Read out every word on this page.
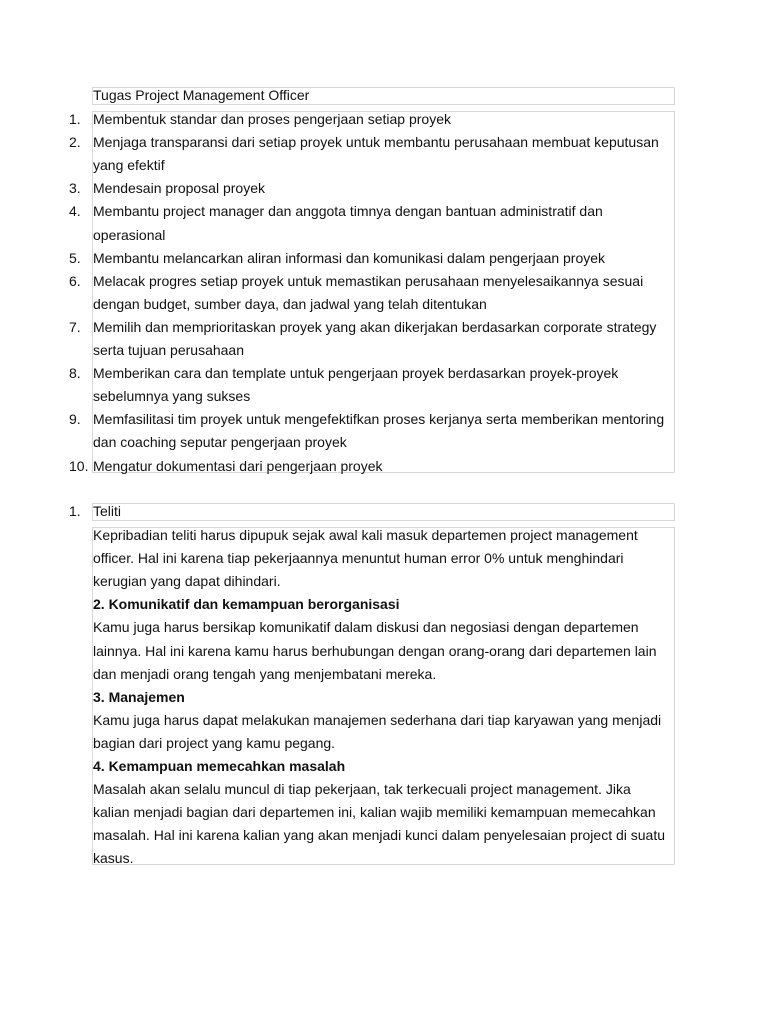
Tugas Project Management Officer
1. Membentuk standar dan proses pengerjaan setiap proyek
2. Menjaga transparansi dari setiap proyek untuk membantu perusahaan membuat keputusan
yang efektif
3. Mendesain proposal proyek
4. Membantu project manager dan anggota timnya dengan bantuan administratif dan
operasional
5. Membantu melancarkan aliran informasi dan komunikasi dalam pengerjaan proyek
6. Melacak progres setiap proyek untuk memastikan perusahaan menyelesaikannya sesuai
dengan budget, sumber daya, dan jadwal yang telah ditentukan
7. Memilih dan memprioritaskan proyek yang akan dikerjakan berdasarkan corporate strategy
serta tujuan perusahaan
8. Memberikan cara dan template untuk pengerjaan proyek berdasarkan proyek-proyek
sebelumnya yang sukses
9. Memfasilitasi tim proyek untuk mengefektifkan proses kerjanya serta memberikan mentoring
dan coaching seputar pengerjaan proyek
10. Mengatur dokumentasi dari pengerjaan proyek
1. Teliti
Kepribadian teliti harus dipupuk sejak awal kali masuk departemen project management
officer. Hal ini karena tiap pekerjaannya menuntut human error 0% untuk menghindari
kerugian yang dapat dihindari.
2. Komunikatif dan kemampuan berorganisasi
Kamu juga harus bersikap komunikatif dalam diskusi dan negosiasi dengan departemen
lainnya. Hal ini karena kamu harus berhubungan dengan orang-orang dari departemen lain
dan menjadi orang tengah yang menjembatani mereka.
3. Manajemen
Kamu juga harus dapat melakukan manajemen sederhana dari tiap karyawan yang menjadi
bagian dari project yang kamu pegang.
4. Kemampuan memecahkan masalah
Masalah akan selalu muncul di tiap pekerjaan, tak terkecuali project management. Jika
kalian menjadi bagian dari departemen ini, kalian wajib memiliki kemampuan memecahkan
masalah. Hal ini karena kalian yang akan menjadi kunci dalam penyelesaian project di suatu
kasus.
